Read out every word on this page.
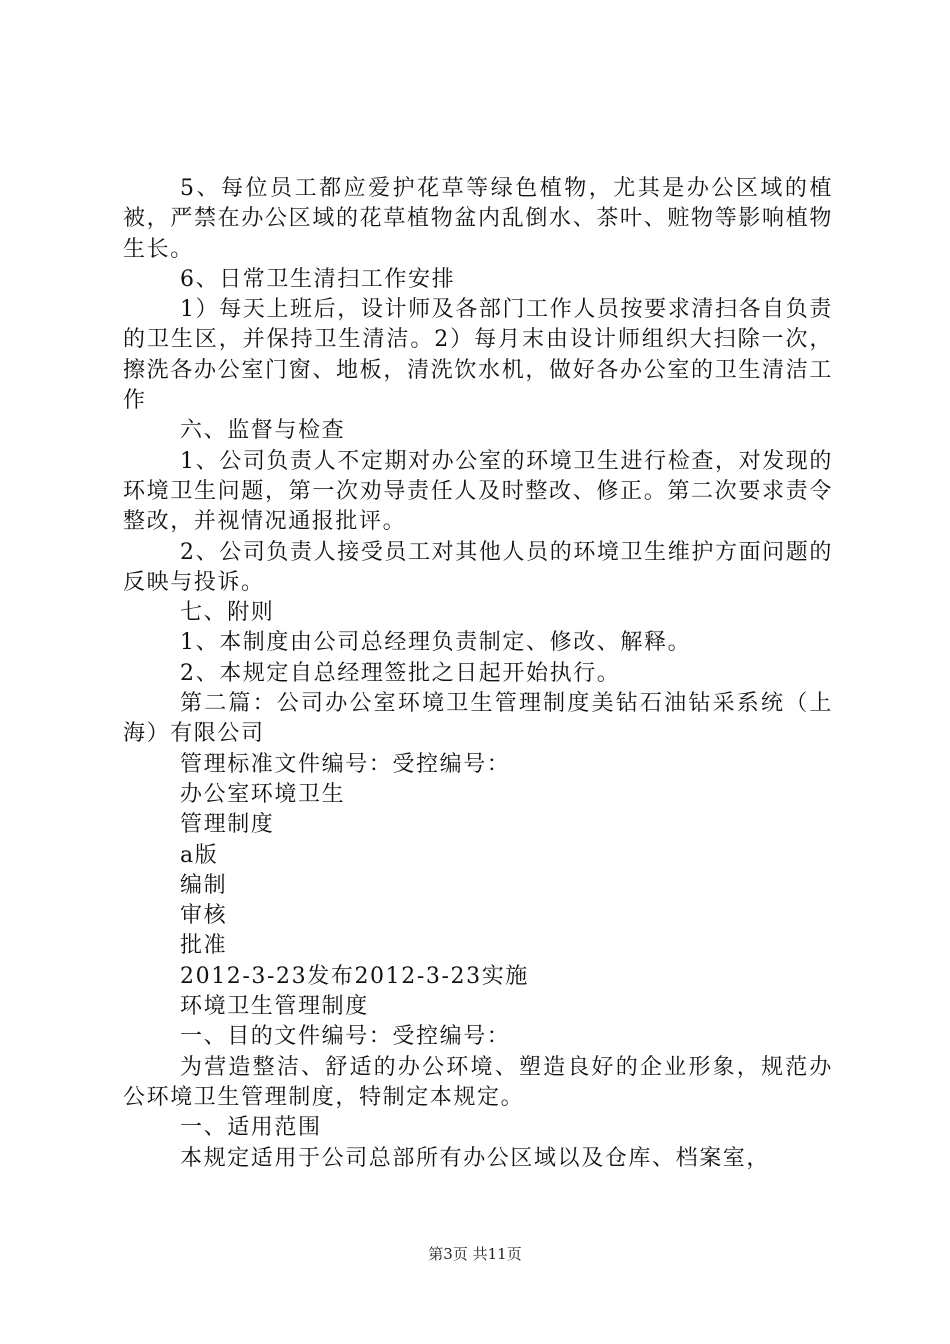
5、每位员工都应爱护花草等绿色植物，尤其是办公区域的植被，严禁在办公区域的花草植物盆内乱倒水、茶叶、赃物等影响植物生长。

6、日常卫生清扫工作安排

1）每天上班后，设计师及各部门工作人员按要求清扫各自负责的卫生区，并保持卫生清洁。2）每月末由设计师组织大扫除一次，擦洗各办公室门窗、地板，清洗饮水机，做好各办公室的卫生清洁工作

六、监督与检查

1、公司负责人不定期对办公室的环境卫生进行检查，对发现的环境卫生问题，第一次劝导责任人及时整改、修正。第二次要求责令整改，并视情况通报批评。

2、公司负责人接受员工对其他人员的环境卫生维护方面问题的反映与投诉。

七、附则

1、本制度由公司总经理负责制定、修改、解释。

2、本规定自总经理签批之日起开始执行。

第二篇：公司办公室环境卫生管理制度美钻石油钻采系统（上海）有限公司

管理标准文件编号：受控编号：

办公室环境卫生

管理制度

a版

编制

审核

批准

2012-3-23发布2012-3-23实施

环境卫生管理制度

一、目的文件编号：受控编号：

为营造整洁、舒适的办公环境、塑造良好的企业形象，规范办公环境卫生管理制度，特制定本规定。

一、适用范围

本规定适用于公司总部所有办公区域以及仓库、档案室，

第3页 共11页
